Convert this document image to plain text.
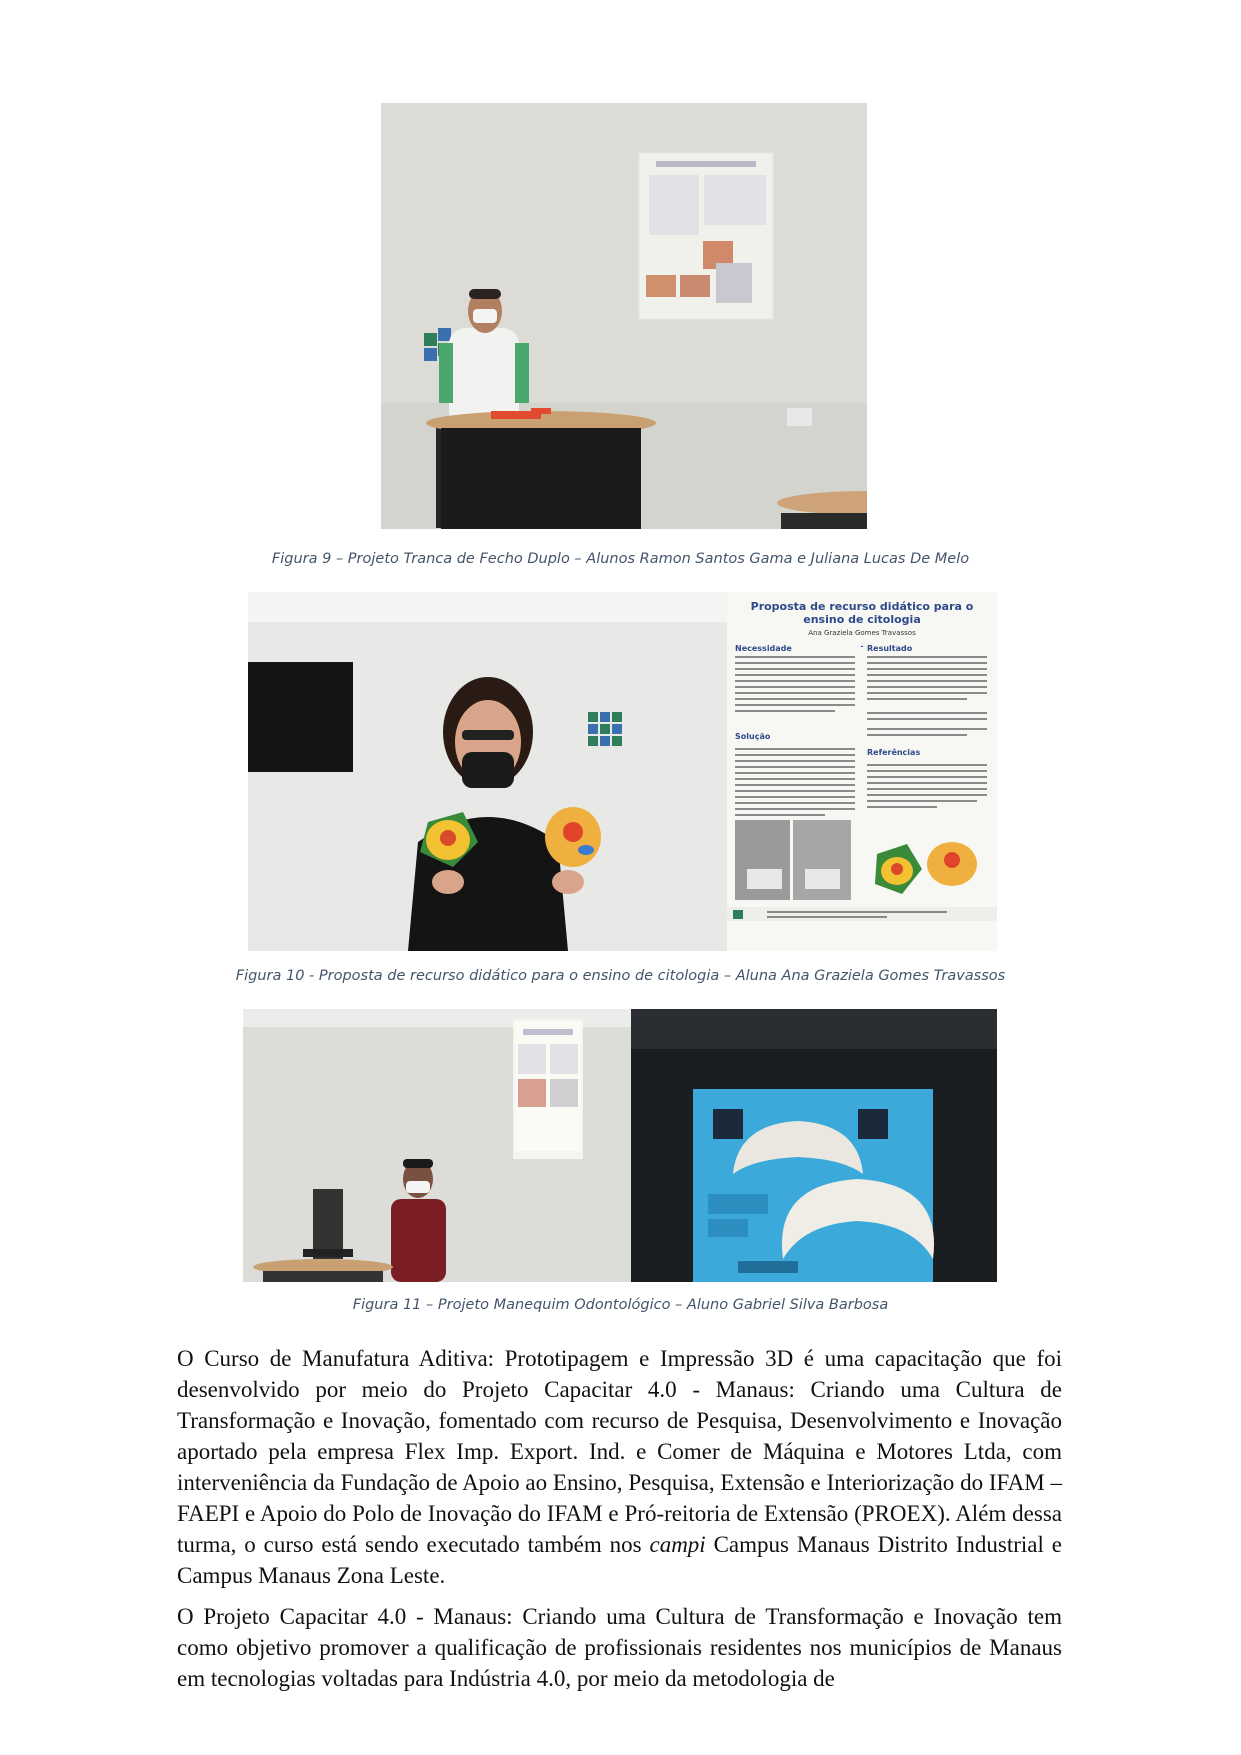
Figura 9 – Projeto Tranca de Fecho Duplo – Alunos Ramon Santos Gama e Juliana Lucas De Melo
Proposta de recurso didático para o ensino de citologia
Ana Graziela Gomes Travassos

Necessidade	Resultado
Solução
Referências
Figura 10 - Proposta de recurso didático para o ensino de citologia – Aluna Ana Graziela Gomes Travassos
Figura 11 – Projeto Manequim Odontológico – Aluno Gabriel Silva Barbosa

O Curso de Manufatura Aditiva: Prototipagem e Impressão 3D é uma capacitação que foi desenvolvido por meio do Projeto Capacitar 4.0 - Manaus: Criando uma Cultura de Transformação e Inovação, fomentado com recurso de Pesquisa, Desenvolvimento e Inovação aportado pela empresa Flex Imp. Export. Ind. e Comer de Máquina e Motores Ltda, com interveniência da Fundação de Apoio ao Ensino, Pesquisa, Extensão e Interiorização do IFAM – FAEPI e Apoio do Polo de Inovação do IFAM e Pró-reitoria de Extensão (PROEX). Além dessa turma, o curso está sendo executado também nos campi Campus Manaus Distrito Industrial e Campus Manaus Zona Leste.

O Projeto Capacitar 4.0 - Manaus: Criando uma Cultura de Transformação e Inovação tem como objetivo promover a qualificação de profissionais residentes nos municípios de Manaus em tecnologias voltadas para Indústria 4.0, por meio da metodologia de
